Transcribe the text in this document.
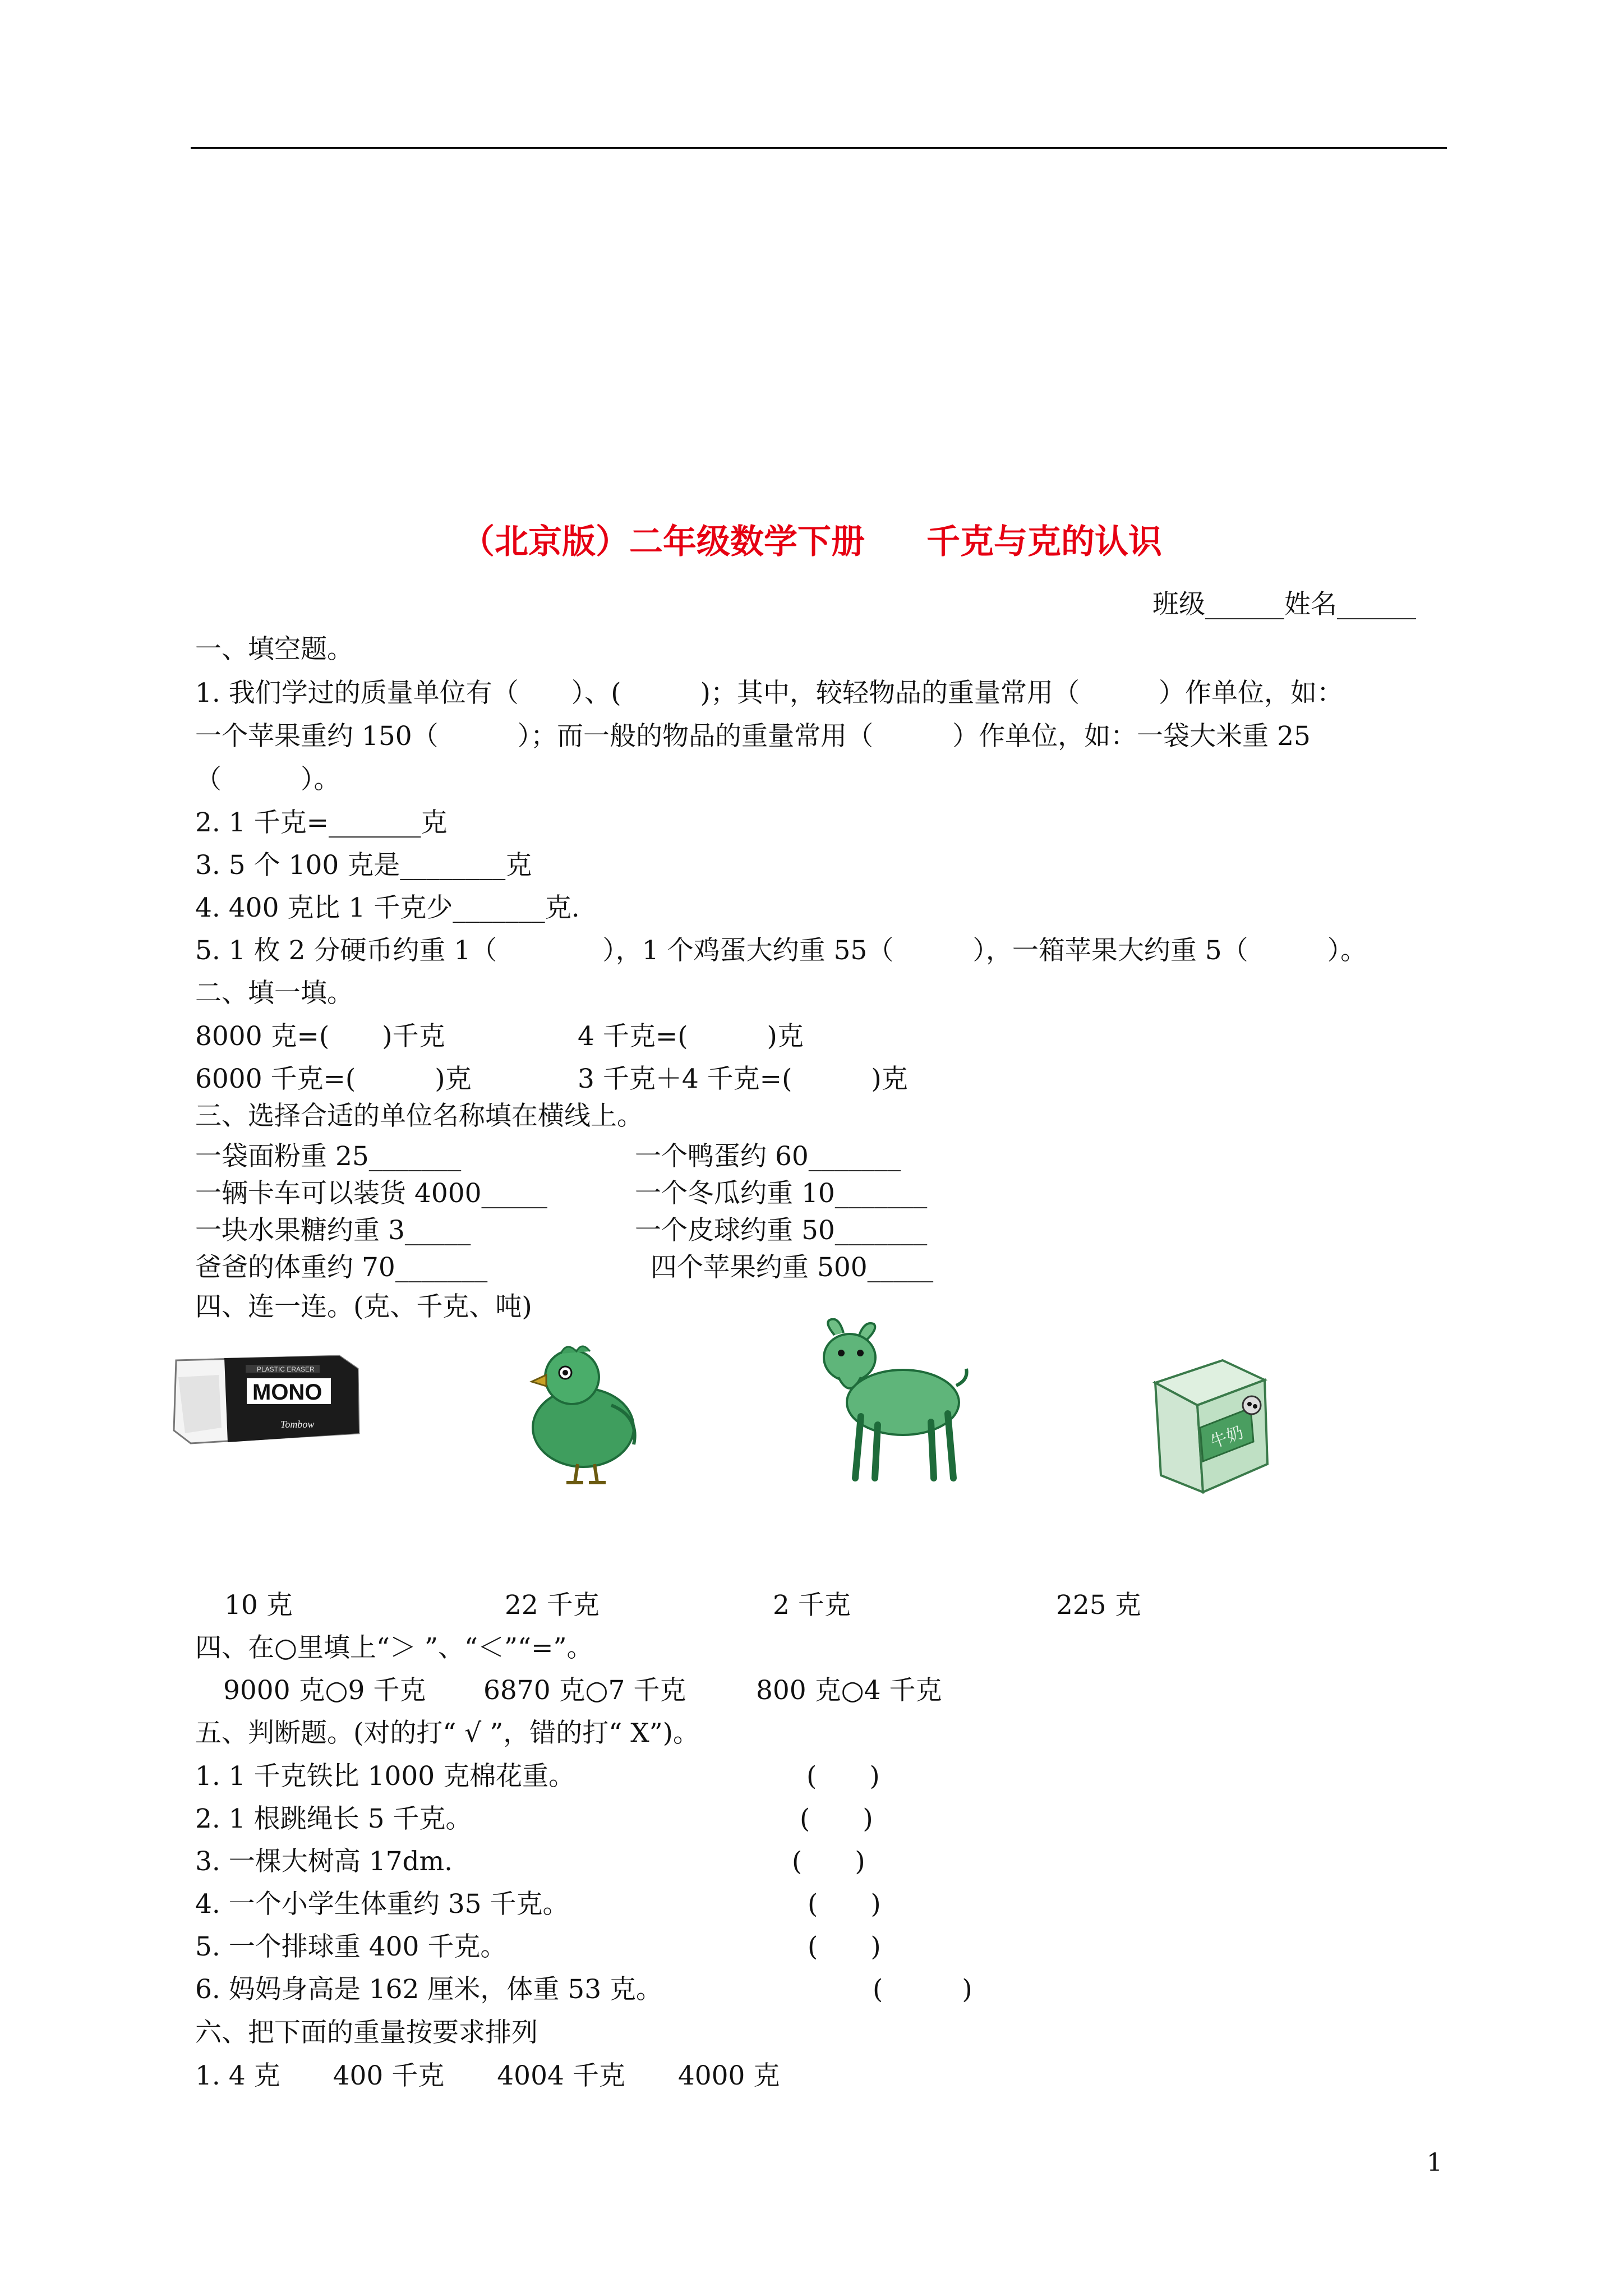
（北京版）二年级数学下册 千克与克的认识
班级______姓名______
一、填空题。
1. 我们学过的质量单位有（　　）、(　　　)；其中，较轻物品的重量常用（　　　）作单位，如：
一个苹果重约 150（　　　）；而一般的物品的重量常用（　　　）作单位，如：一袋大米重 25
（　　　）。
2. 1 千克=_______克
3. 5 个 100 克是________克
4. 400 克比 1 千克少_______克.
5. 1 枚 2 分硬币约重 1（　　　　），1 个鸡蛋大约重 55（　　　），一箱苹果大约重 5（　　　）。
二、填一填。
8000 克=(　　)千克	4 千克=(　　　)克
6000 千克=(　　　)克	3 千克＋4 千克=(　　　)克
三、选择合适的单位名称填在横线上。
一袋面粉重 25_______	一个鸭蛋约 60_______
一辆卡车可以装货 4000_____	一个冬瓜约重 10_______
一块水果糖约重 3_____	一个皮球约重 50_______
爸爸的体重约 70_______	四个苹果约重 500_____
四、连一连。(克、千克、吨)
PLASTIC ERASER
MONO
Tombow	牛奶
10 克	22 千克	2 千克	225 克
四、在○里填上“＞ ”、“＜”“=”。
9000 克○9 千克 6870 克○7 千克	800 克○4 千克
五、判断题。(对的打“ √ ”，错的打“ X”)。
1. 1 千克铁比 1000 克棉花重。	(　　)
2. 1 根跳绳长 5 千克。	(　　)
3. 一棵大树高 17dm.	(　　)
4. 一个小学生体重约 35 千克。	(　　)
5. 一个排球重 400 千克。	(　　)
6. 妈妈身高是 162 厘米，体重 53 克。	(　　　)
六、把下面的重量按要求排列
1. 4 克　　400 千克　　4004 千克　　4000 克
1
